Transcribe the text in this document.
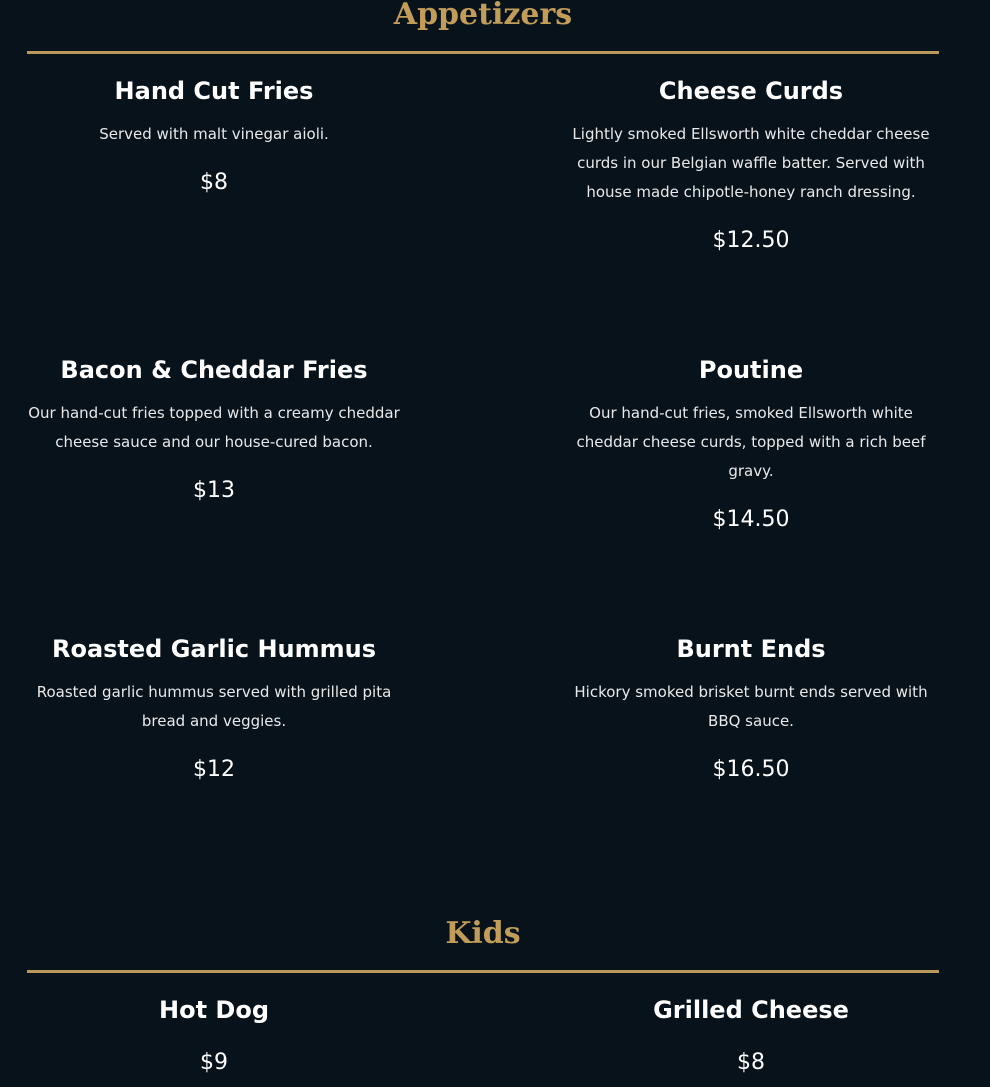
Appetizers
Hand Cut Fries
Served with malt vinegar aioli.
$8
Cheese Curds
Lightly smoked Ellsworth white cheddar cheese curds in our Belgian waffle batter. Served with house made chipotle-honey ranch dressing.
$12.50
Bacon & Cheddar Fries
Our hand-cut fries topped with a creamy cheddar cheese sauce and our house-cured bacon.
$13
Poutine
Our hand-cut fries, smoked Ellsworth white cheddar cheese curds, topped with a rich beef gravy.
$14.50
Roasted Garlic Hummus
Roasted garlic hummus served with grilled pita bread and veggies.
$12
Burnt Ends
Hickory smoked brisket burnt ends served with BBQ sauce.
$16.50
Kids
Hot Dog
$9
Grilled Cheese
$8
